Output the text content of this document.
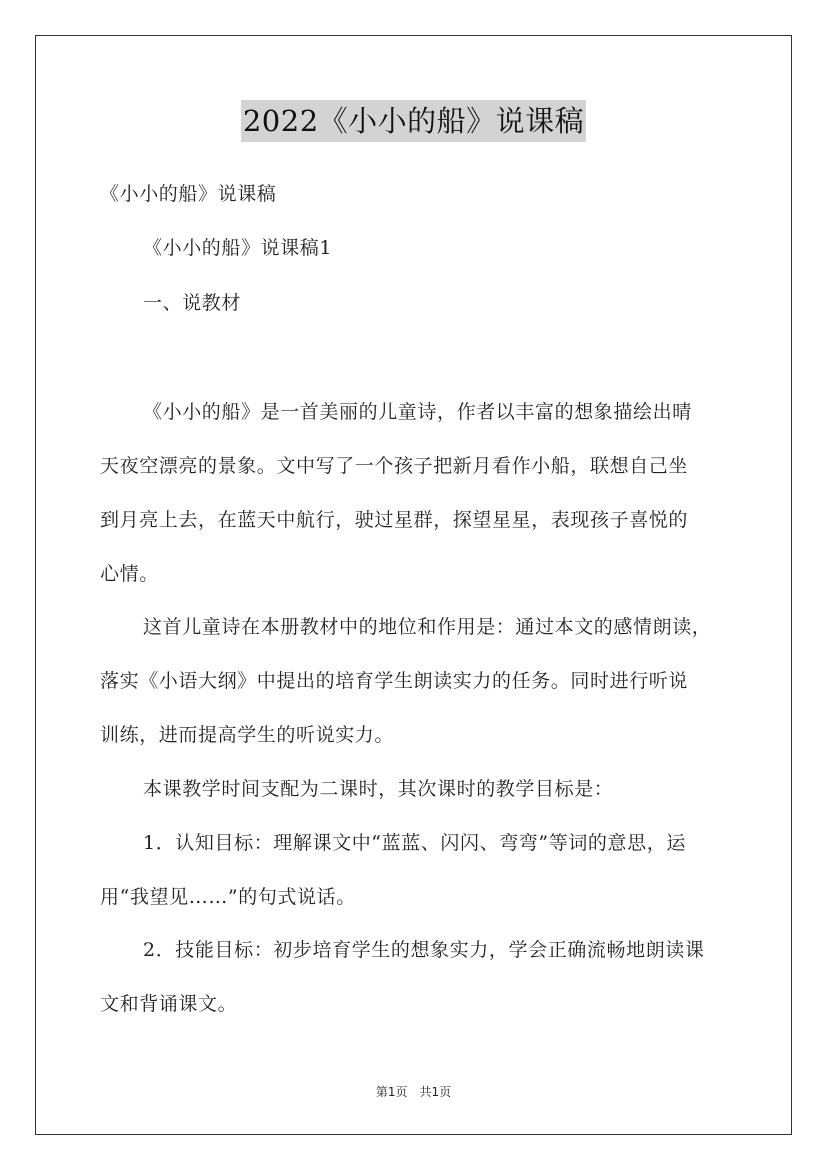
2022《小小的船》说课稿
《小小的船》说课稿
《小小的船》说课稿1
一、说教材
《小小的船》是一首美丽的儿童诗，作者以丰富的想象描绘出晴
天夜空漂亮的景象。文中写了一个孩子把新月看作小船，联想自己坐
到月亮上去，在蓝天中航行，驶过星群，探望星星，表现孩子喜悦的
心情。
这首儿童诗在本册教材中的地位和作用是：通过本文的感情朗读，
落实《小语大纲》中提出的培育学生朗读实力的任务。同时进行听说
训练，进而提高学生的听说实力。
本课教学时间支配为二课时，其次课时的教学目标是：
1．认知目标：理解课文中“蓝蓝、闪闪、弯弯”等词的意思，运
用“我望见……”的句式说话。
2．技能目标：初步培育学生的想象实力，学会正确流畅地朗读课
文和背诵课文。
第1页　共1页
